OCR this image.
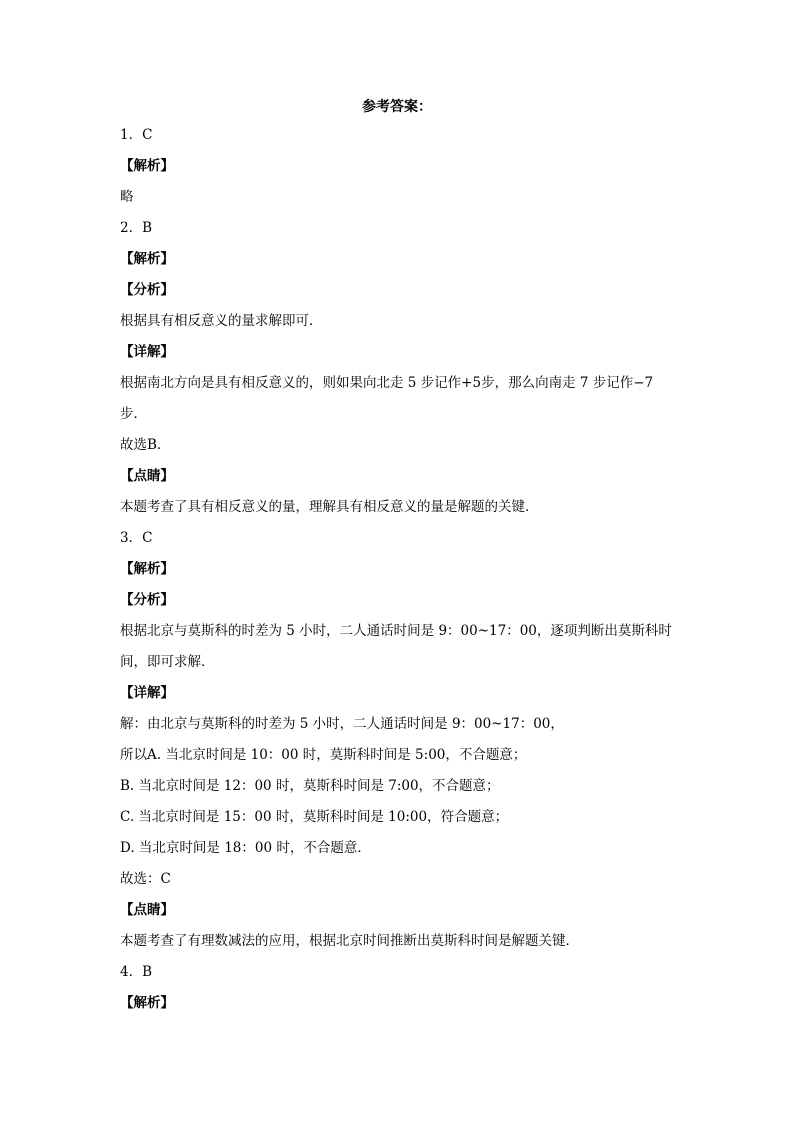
参考答案：
1．C
【解析】
略
2．B
【解析】
【分析】
根据具有相反意义的量求解即可．
【详解】
根据南北方向是具有相反意义的，则如果向北走 5 步记作+5步，那么向南走 7 步记作−7
步．
故选B．
【点睛】
本题考查了具有相反意义的量，理解具有相反意义的量是解题的关键．
3．C
【解析】
【分析】
根据北京与莫斯科的时差为 5 小时，二人通话时间是 9：00~17：00，逐项判断出莫斯科时
间，即可求解．
【详解】
解：由北京与莫斯科的时差为 5 小时，二人通话时间是 9：00~17：00，
所以A. 当北京时间是 10：00 时，莫斯科时间是 5:00，不合题意；
B. 当北京时间是 12：00 时，莫斯科时间是 7:00，不合题意；
C. 当北京时间是 15：00 时，莫斯科时间是 10:00，符合题意；
D. 当北京时间是 18：00 时，不合题意．
故选：C
【点睛】
本题考查了有理数减法的应用，根据北京时间推断出莫斯科时间是解题关键．
4．B
【解析】
